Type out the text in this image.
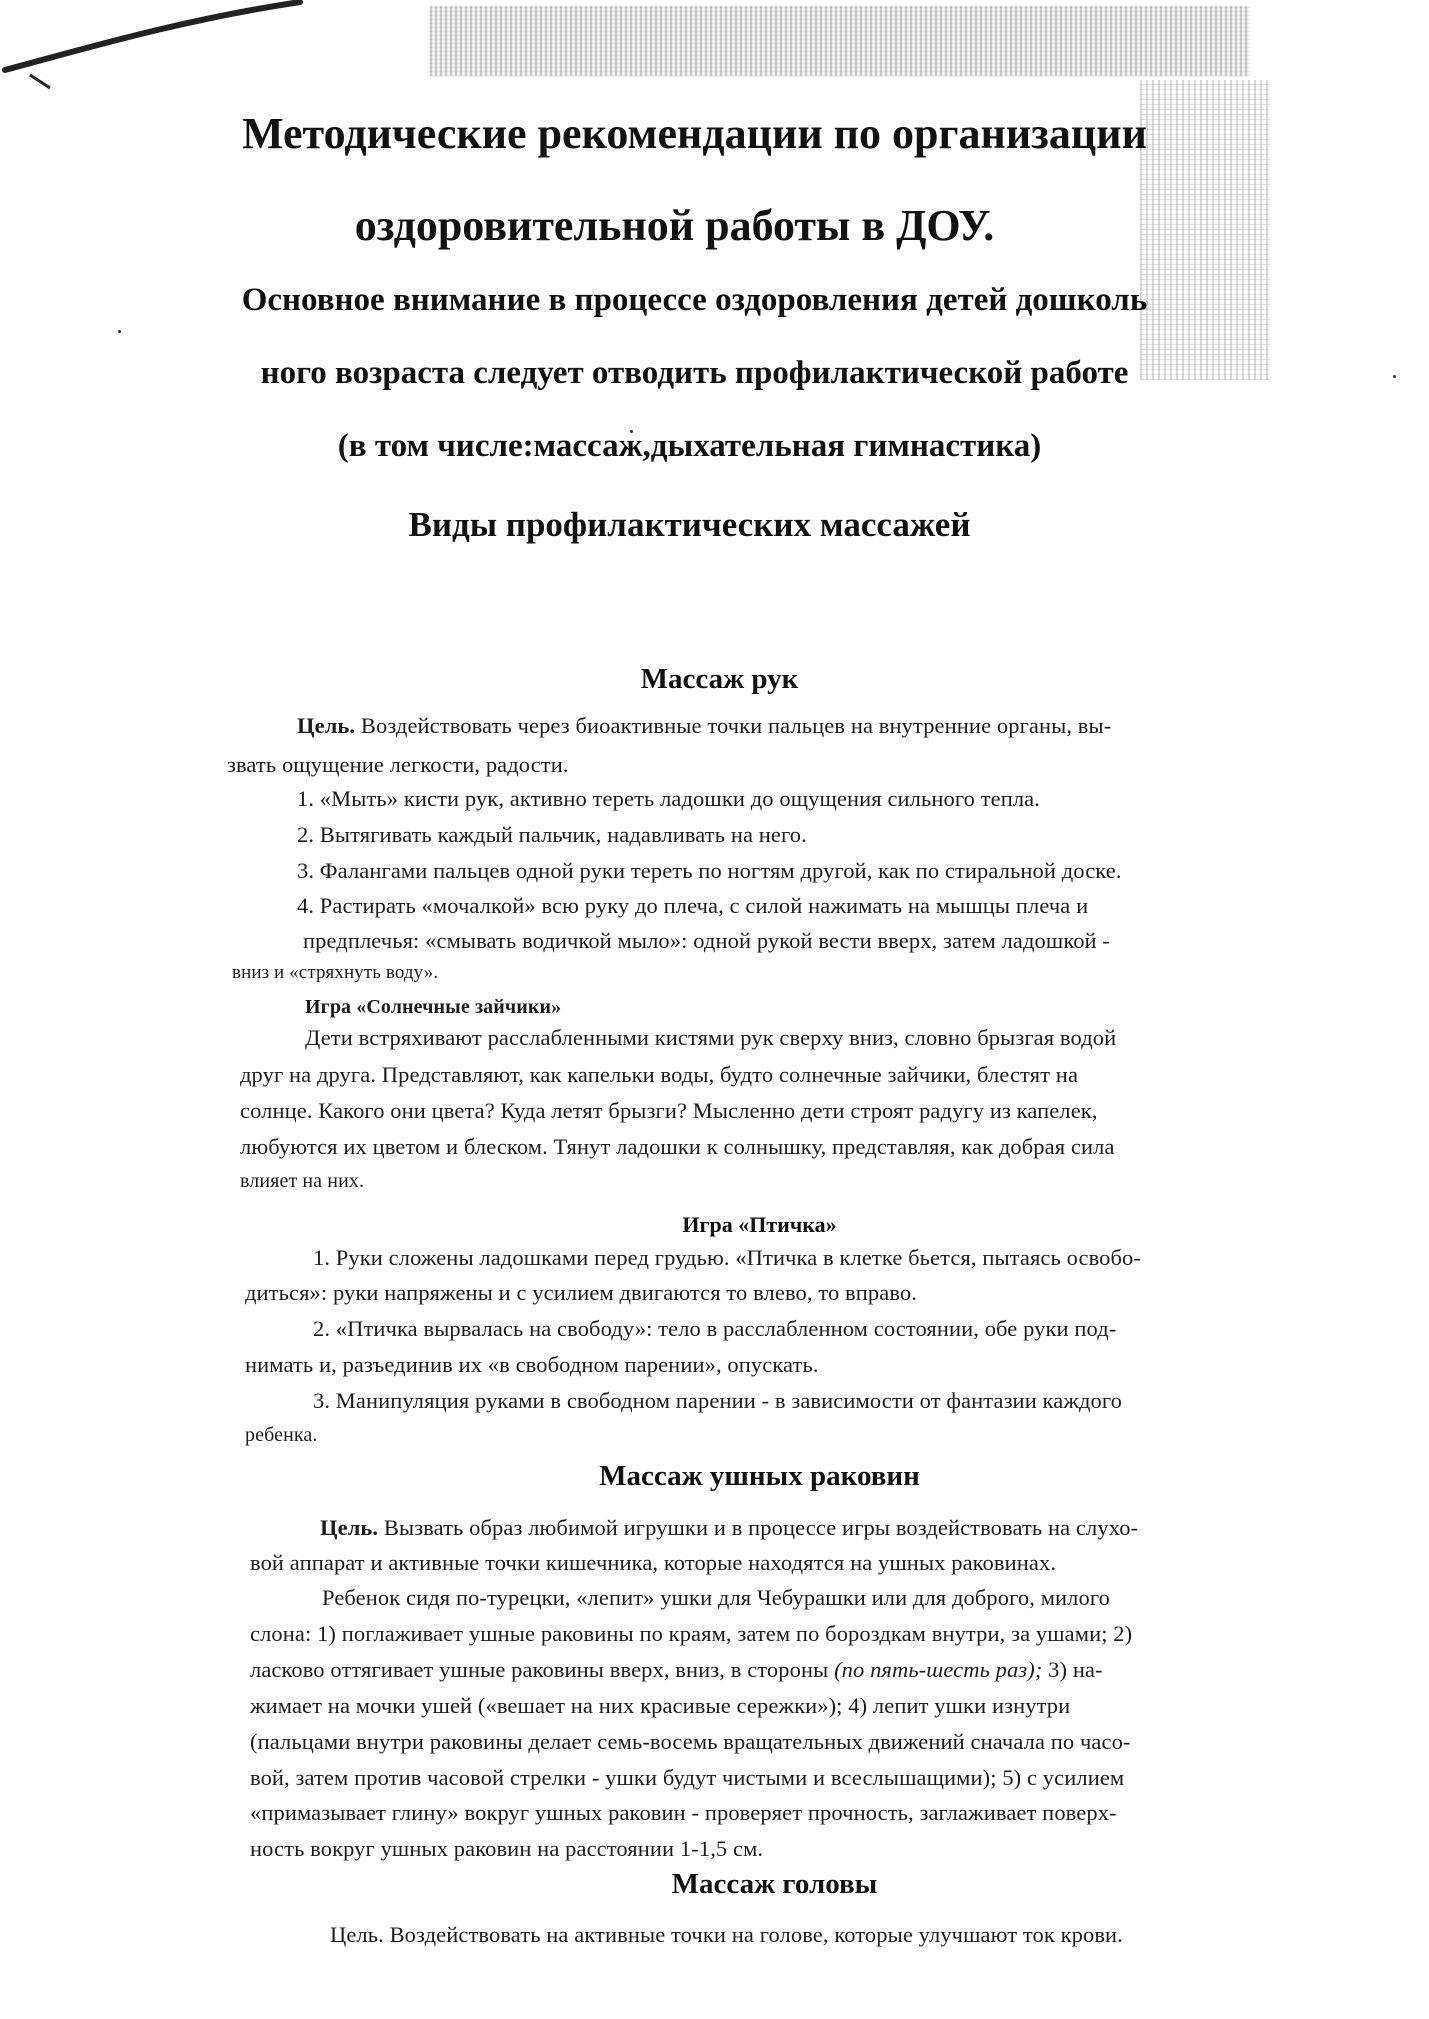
Методические рекомендации по организации
оздоровительной работы в ДОУ.
Основное внимание в процессе оздоровления детей дошколь
ного возраста следует отводить профилактической работе
(в том числе:массаж,дыхательная гимнастика)
Виды профилактических массажей
Массаж рук
Цель. Воздействовать через биоактивные точки пальцев на внутренние органы, вы-
звать ощущение легкости, радости.
1. «Мыть» кисти рук, активно тереть ладошки до ощущения сильного тепла.
2. Вытягивать каждый пальчик, надавливать на него.
3. Фалангами пальцев одной руки тереть по ногтям другой, как по стиральной доске.
4. Растирать «мочалкой» всю руку до плеча, с силой нажимать на мышцы плеча и
предплечья: «смывать водичкой мыло»: одной рукой вести вверх, затем ладошкой -
вниз и «стряхнуть воду».
Игра «Солнечные зайчики»
Дети встряхивают расслабленными кистями рук сверху вниз, словно брызгая водой
друг на друга. Представляют, как капельки воды, будто солнечные зайчики, блестят на
солнце. Какого они цвета? Куда летят брызги? Мысленно дети строят радугу из капелек,
любуются их цветом и блеском. Тянут ладошки к солнышку, представляя, как добрая сила
влияет на них.
Игра «Птичка»
1. Руки сложены ладошками перед грудью. «Птичка в клетке бьется, пытаясь освобо-
диться»: руки напряжены и с усилием двигаются то влево, то вправо.
2. «Птичка вырвалась на свободу»: тело в расслабленном состоянии, обе руки под-
нимать и, разъединив их «в свободном парении», опускать.
3. Манипуляция руками в свободном парении - в зависимости от фантазии каждого
ребенка.
Массаж ушных раковин
Цель. Вызвать образ любимой игрушки и в процессе игры воздействовать на слухо-
вой аппарат и активные точки кишечника, которые находятся на ушных раковинах.
Ребенок сидя по-турецки, «лепит» ушки для Чебурашки или для доброго, милого
слона: 1) поглаживает ушные раковины по краям, затем по бороздкам внутри, за ушами; 2)
ласково оттягивает ушные раковины вверх, вниз, в стороны (по пять-шесть раз); 3) на-
жимает на мочки ушей («вешает на них красивые сережки»); 4) лепит ушки изнутри
(пальцами внутри раковины делает семь-восемь вращательных движений сначала по часо-
вой, затем против часовой стрелки - ушки будут чистыми и всеслышащими); 5) с усилием
«примазывает глину» вокруг ушных раковин - проверяет прочность, заглаживает поверх-
ность вокруг ушных раковин на расстоянии 1-1,5 см.
Массаж головы
Цель. Воздействовать на активные точки на голове, которые улучшают ток крови.
